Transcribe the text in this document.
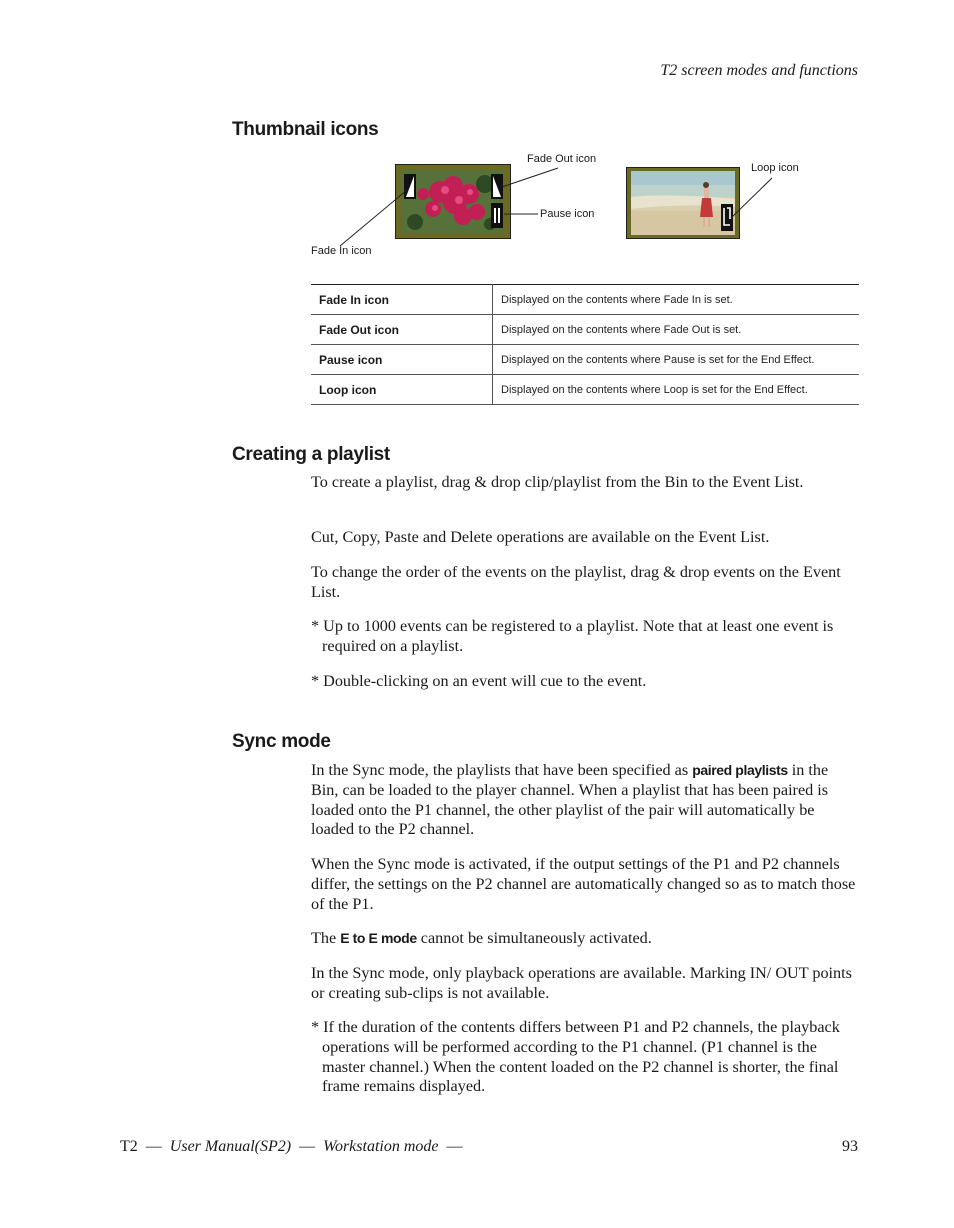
T2 screen modes and functions
Thumbnail icons
Fade Out icon
Pause icon
Fade In icon
Loop icon
Fade In icon	Displayed on the contents where Fade In is set.
Fade Out icon	Displayed on the contents where Fade Out is set.
Pause icon	Displayed on the contents where Pause is set for the End Effect.
Loop icon	Displayed on the contents where Loop is set for the End Effect.
Creating a playlist
To create a playlist, drag & drop clip/playlist from the Bin to the Event List.
Cut, Copy, Paste and Delete operations are available on the Event List.
To change the order of the events on the playlist, drag & drop events on the Event List.
* Up to 1000 events can be registered to a playlist. Note that at least one event is required on a playlist.
* Double-clicking on an event will cue to the event.
Sync mode
In the Sync mode, the playlists that have been specified as paired playlists in the Bin, can be loaded to the player channel. When a playlist that has been paired is loaded onto the P1 channel, the other playlist of the pair will automatically be loaded to the P2 channel.
When the Sync mode is activated, if the output settings of the P1 and P2 channels differ, the settings on the P2 channel are automatically changed so as to match those of the P1.
The E to E mode cannot be simultaneously activated.
In the Sync mode, only playback operations are available. Marking IN/ OUT points or creating sub-clips is not available.
* If the duration of the contents differs between P1 and P2 channels, the playback operations will be performed according to the P1 channel. (P1 channel is the master channel.) When the content loaded on the P2 channel is shorter, the final frame remains displayed.
T2 — User Manual(SP2) — Workstation mode —	93
